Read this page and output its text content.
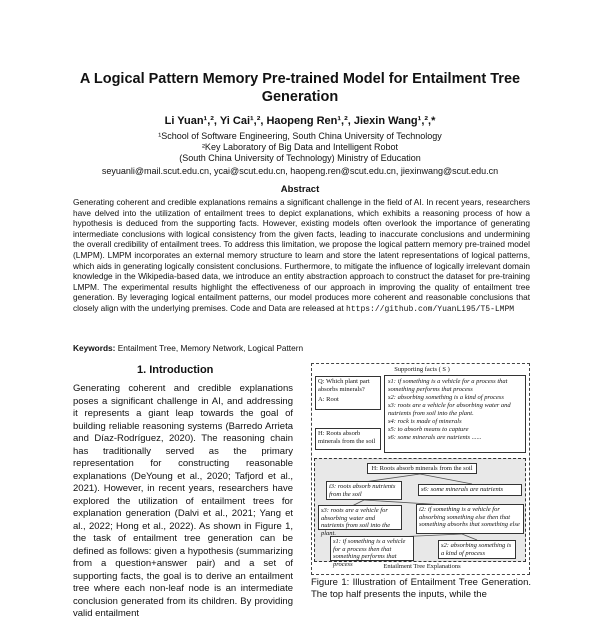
A Logical Pattern Memory Pre-trained Model for Entailment Tree Generation
Li Yuan¹,², Yi Cai¹,², Haopeng Ren¹,², Jiexin Wang¹,²,*
¹School of Software Engineering, South China University of Technology
²Key Laboratory of Big Data and Intelligent Robot
(South China University of Technology) Ministry of Education
seyuanli@mail.scut.edu.cn, ycai@scut.edu.cn, haopeng.ren@scut.edu.cn, jiexinwang@scut.edu.cn
Abstract
Generating coherent and credible explanations remains a significant challenge in the field of AI. In recent years, researchers have delved into the utilization of entailment trees to depict explanations, which exhibits a reasoning process of how a hypothesis is deduced from the supporting facts. However, existing models often overlook the importance of generating intermediate conclusions with logical consistency from the given facts, leading to inaccurate conclusions and undermining the overall credibility of entailment trees. To address this limitation, we propose the logical pattern memory pre-trained model (LMPM). LMPM incorporates an external memory structure to learn and store the latent representations of logical patterns, which aids in generating logically consistent conclusions. Furthermore, to mitigate the influence of logically irrelevant domain knowledge in the Wikipedia-based data, we introduce an entity abstraction approach to construct the dataset for pre-training LMPM. The experimental results highlight the effectiveness of our approach in improving the quality of entailment tree generation. By leveraging logical entailment patterns, our model produces more coherent and reasonable conclusions that closely align with the underlying premises. Code and Data are released at https://github.com/YuanLi95/T5-LMPM
Keywords: Entailment Tree, Memory Network, Logical Pattern
1. Introduction
Generating coherent and credible explanations poses a significant challenge in AI, and addressing it represents a giant leap towards the goal of building reliable reasoning systems (Barredo Arrieta and Díaz-Rodríguez, 2020). The reasoning chain has traditionally served as the primary representation for constructing reasonable explanations (DeYoung et al., 2020; Tafjord et al., 2021). However, in recent years, researchers have explored the utilization of entailment trees for explanation generation (Dalvi et al., 2021; Yang et al., 2022; Hong et al., 2022). As shown in Figure 1, the task of entailment tree generation can be defined as follows: given a hypothesis (summarizing from a question+answer pair) and a set of supporting facts, the goal is to derive an entailment tree where each non-leaf node is an intermediate conclusion generated from its children. By providing valid entailment
Supporting facts ( S )
Q: Which plant part absorbs minerals?
A: Root
H: Roots absorb minerals from the soil
s1: if something is a vehicle for a process that something performs that process
s2: absorbing something is a kind of process
s3: roots are a vehicle for absorbing water and nutrients from soil into the plant.
s4: rock is made of minerals
s5: to absorb means to capture
s6: some minerals are nutrients ......
H: Roots absorb minerals from the soil
i3: roots absorb nutrients from the soil
s6: some minerals are nutrients
s3: roots are a vehicle for absorbing water and nutrients from soil into the plant.
i2: if something is a vehicle for absorbing something else then that something absorbs that something else
s1: if something is a vehicle for a process then that something performs that process
s2: absorbing something is a kind of process
Entailment Tree Explanations
Figure 1: Illustration of Entailment Tree Generation. The top half presents the inputs, while the
